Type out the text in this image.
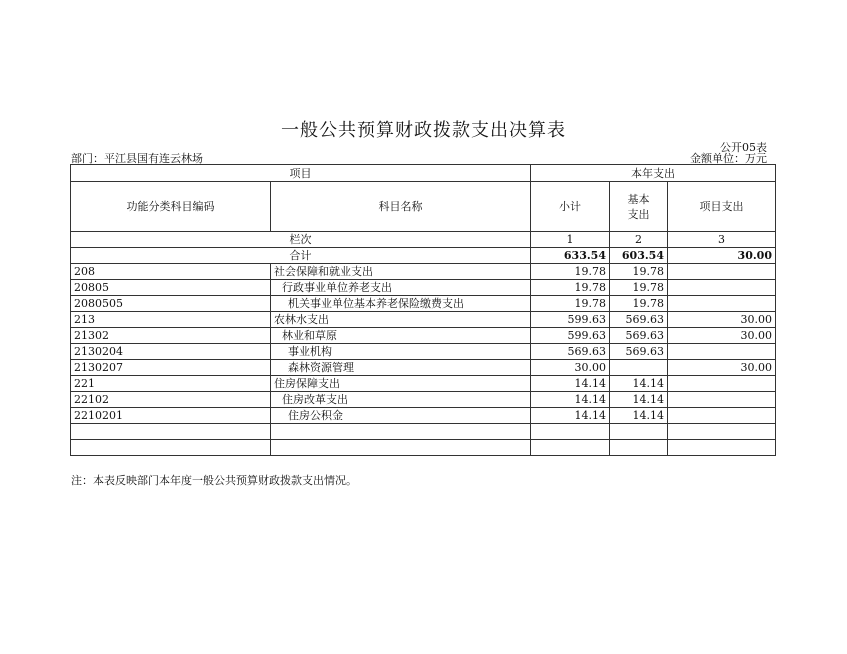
一般公共预算财政拨款支出决算表
公开05表
部门：平江县国有连云林场	金额单位：万元
项目		本年支出		
功能分类科目编码	科目名称	小计	基本
支出	项目支出
栏次		1	2	3
合计		633.54	603.54	30.00
208	社会保障和就业支出	19.78	19.78	
20805	行政事业单位养老支出	19.78	19.78	
2080505	机关事业单位基本养老保险缴费支出	19.78	19.78	
213	农林水支出	599.63	569.63	30.00
21302	林业和草原	599.63	569.63	30.00
2130204	事业机构	569.63	569.63	
2130207	森林资源管理	30.00		30.00
221	住房保障支出	14.14	14.14	
22102	住房改革支出	14.14	14.14	
2210201	住房公积金	14.14	14.14	

注：本表反映部门本年度一般公共预算财政拨款支出情况。
